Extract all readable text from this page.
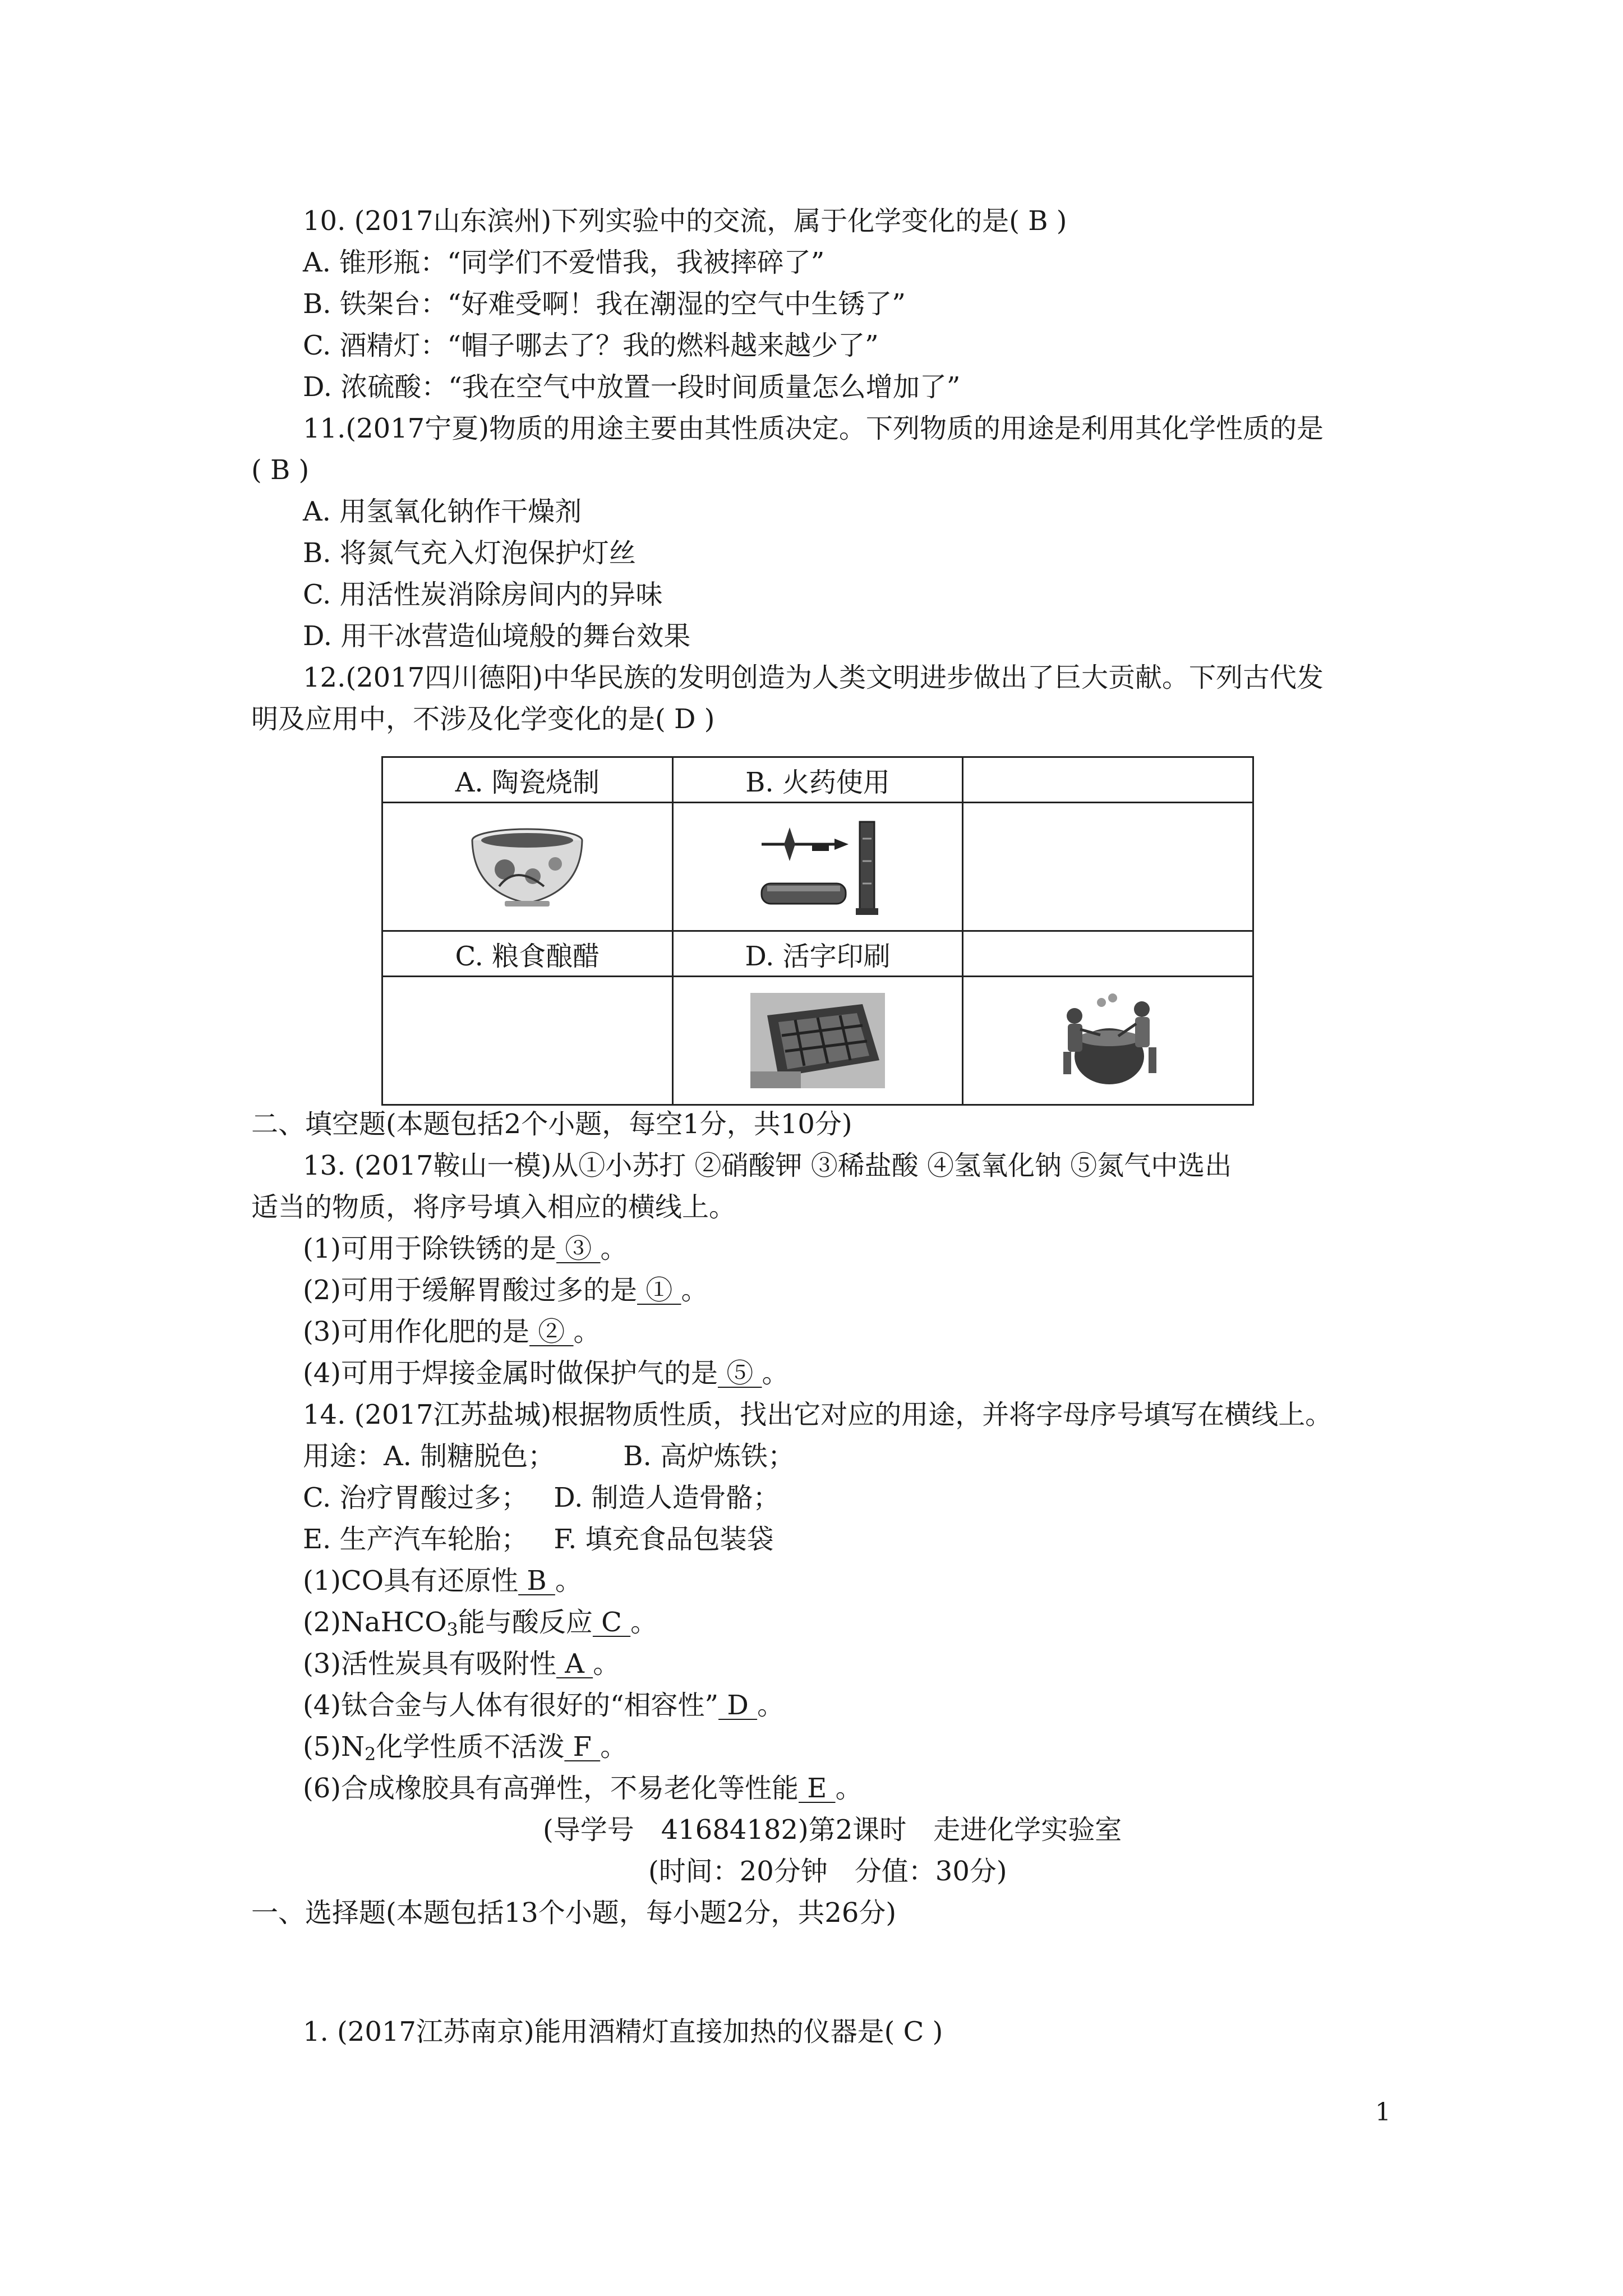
10. (2017山东滨州)下列实验中的交流，属于化学变化的是( B )
A. 锥形瓶：“同学们不爱惜我，我被摔碎了”
B. 铁架台：“好难受啊！我在潮湿的空气中生锈了”
C. 酒精灯：“帽子哪去了？我的燃料越来越少了”
D. 浓硫酸：“我在空气中放置一段时间质量怎么增加了”
11.(2017宁夏)物质的用途主要由其性质决定。下列物质的用途是利用其化学性质的是
( B )
A. 用氢氧化钠作干燥剂
B. 将氮气充入灯泡保护灯丝
C. 用活性炭消除房间内的异味
D. 用干冰营造仙境般的舞台效果
12.(2017四川德阳)中华民族的发明创造为人类文明进步做出了巨大贡献。下列古代发
明及应用中，不涉及化学变化的是( D )
A. 陶瓷烧制	B. 火药使用	

C. 粮食酿醋	D. 活字印刷	

二、填空题(本题包括2个小题，每空1分，共10分)
13. (2017鞍山一模)从①小苏打 ②硝酸钾 ③稀盐酸 ④氢氧化钠 ⑤氮气中选出
适当的物质，将序号填入相应的横线上。
(1)可用于除铁锈的是 ③ 。
(2)可用于缓解胃酸过多的是 ① 。
(3)可用作化肥的是 ② 。
(4)可用于焊接金属时做保护气的是 ⑤ 。
14. (2017江苏盐城)根据物质性质，找出它对应的用途，并将字母序号填写在横线上。
用途：A. 制糖脱色；        B. 高炉炼铁；
C. 治疗胃酸过多；   D. 制造人造骨骼；
E. 生产汽车轮胎；   F. 填充食品包装袋
(1)CO具有还原性 B 。
(2)NaHCO$_3$能与酸反应 C 。
(3)活性炭具有吸附性 A 。
(4)钛合金与人体有很好的“相容性” D 。
$(5)N_2$化学性质不活泼 F 。
(6)合成橡胶具有高弹性，不易老化等性能 E 。
(导学号　41684182)第2课时　走进化学实验室
(时间：20分钟　分值：30分)
一、选择题(本题包括13个小题，每小题2分，共26分)
1. (2017江苏南京)能用酒精灯直接加热的仪器是( C )
1
